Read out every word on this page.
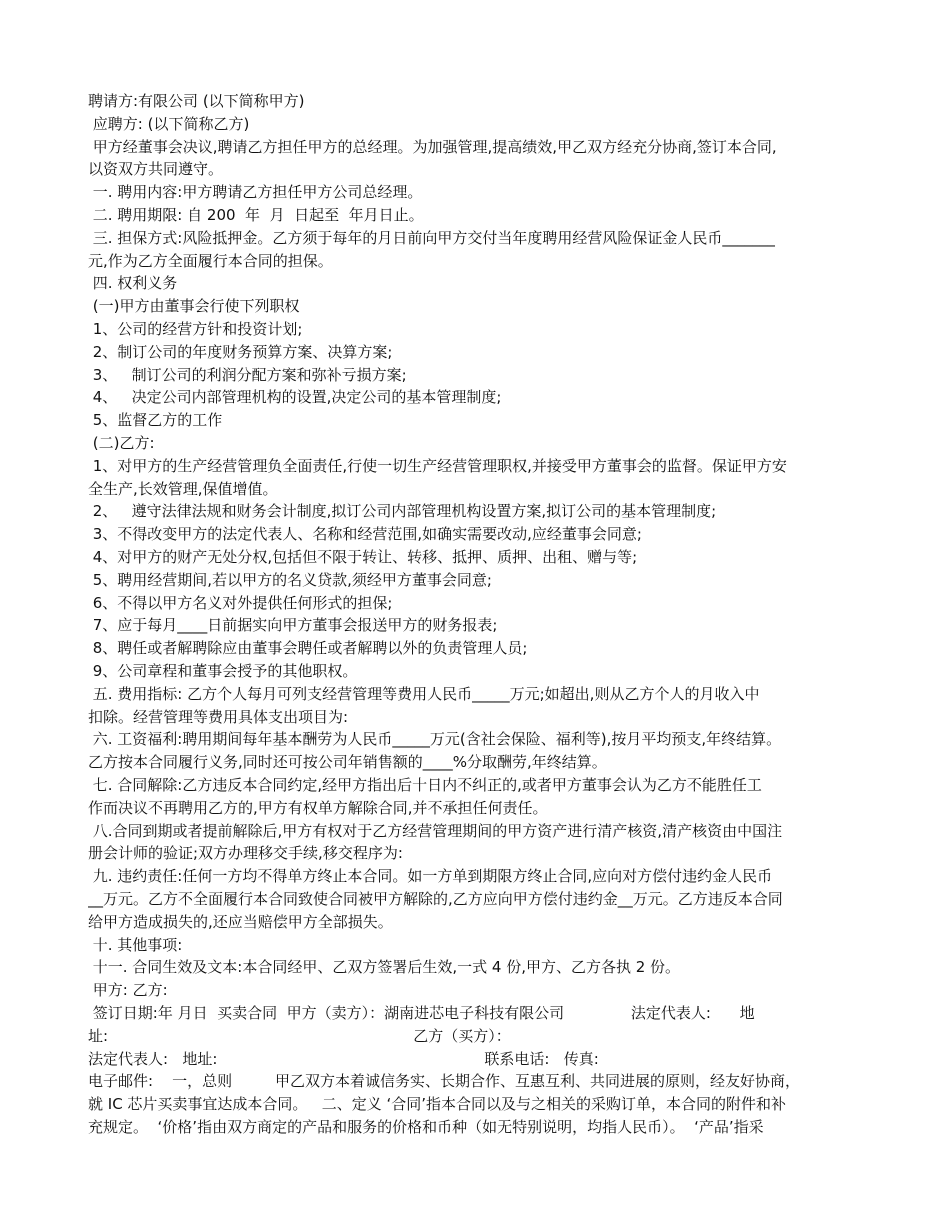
聘请方:有限公司 (以下简称甲方)
应聘方: (以下简称乙方)
甲方经董事会决议,聘请乙方担任甲方的总经理。为加强管理,提高绩效,甲乙双方经充分协商,签订本合同,
以资双方共同遵守。
一. 聘用内容:甲方聘请乙方担任甲方公司总经理。
二. 聘用期限: 自 200  年  月  日起至  年月日止。
三. 担保方式:风险抵押金。乙方须于每年的月日前向甲方交付当年度聘用经营风险保证金人民币_______
元,作为乙方全面履行本合同的担保。
四. 权利义务
(一)甲方由董事会行使下列职权
1、公司的经营方针和投资计划;
2、制订公司的年度财务预算方案、决算方案;
3、   制订公司的利润分配方案和弥补亏损方案;
4、   决定公司内部管理机构的设置,决定公司的基本管理制度;
5、监督乙方的工作
(二)乙方:
1、对甲方的生产经营管理负全面责任,行使一切生产经营管理职权,并接受甲方董事会的监督。保证甲方安
全生产,长效管理,保值增值。
2、   遵守法律法规和财务会计制度,拟订公司内部管理机构设置方案,拟订公司的基本管理制度;
3、不得改变甲方的法定代表人、名称和经营范围,如确实需要改动,应经董事会同意;
4、对甲方的财产无处分权,包括但不限于转让、转移、抵押、质押、出租、赠与等;
5、聘用经营期间,若以甲方的名义贷款,须经甲方董事会同意;
6、不得以甲方名义对外提供任何形式的担保;
7、应于每月____日前据实向甲方董事会报送甲方的财务报表;
8、聘任或者解聘除应由董事会聘任或者解聘以外的负责管理人员;
9、公司章程和董事会授予的其他职权。
五. 费用指标: 乙方个人每月可列支经营管理等费用人民币_____万元;如超出,则从乙方个人的月收入中
扣除。经营管理等费用具体支出项目为:
六. 工资福利:聘用期间每年基本酬劳为人民币_____万元(含社会保险、福利等),按月平均预支,年终结算。
乙方按本合同履行义务,同时还可按公司年销售额的____%分取酬劳,年终结算。
七. 合同解除:乙方违反本合同约定,经甲方指出后十日内不纠正的,或者甲方董事会认为乙方不能胜任工
作而决议不再聘用乙方的,甲方有权单方解除合同,并不承担任何责任。
八.合同到期或者提前解除后,甲方有权对于乙方经营管理期间的甲方资产进行清产核资,清产核资由中国注
册会计师的验证;双方办理移交手续,移交程序为:
九. 违约责任:任何一方均不得单方终止本合同。如一方单到期限方终止合同,应向对方偿付违约金人民币
__万元。乙方不全面履行本合同致使合同被甲方解除的,乙方应向甲方偿付违约金__万元。乙方违反本合同
给甲方造成损失的,还应当赔偿甲方全部损失。
十. 其他事项:
十一. 合同生效及文本:本合同经甲、乙双方签署后生效,一式 4 份,甲方、乙方各执 2 份。
甲方: 乙方:
签订日期:年 月日  买卖合同  甲方（卖方）：湖南进芯电子科技有限公司              法定代表人:      地
址:                                                                乙方（买方）：
法定代表人:   地址:                                                        联系电话:   传真:
电子邮件:    一，总则         甲乙双方本着诚信务实、长期合作、互惠互利、共同进展的原则，经友好协商，
就 IC 芯片买卖事宜达成本合同。   二、定义 ‘合同’指本合同以及与之相关的采购订单，本合同的附件和补
充规定。  ‘价格’指由双方商定的产品和服务的价格和币种（如无特别说明，均指人民币）。  ‘产品’指采
